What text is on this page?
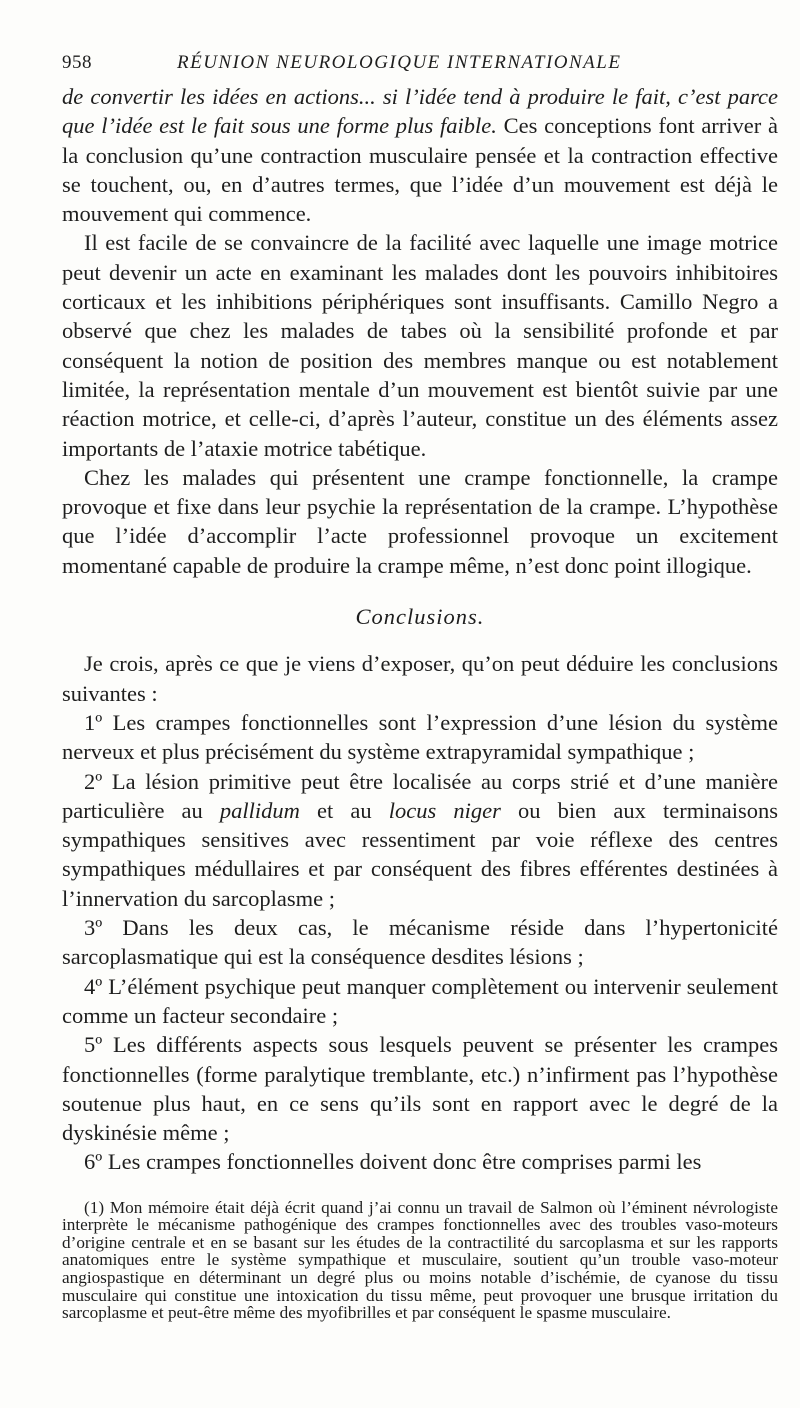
958	RÉUNION NEUROLOGIQUE INTERNATIONALE

de convertir les idées en actions... si l’idée tend à produire le fait, c’est parce que l’idée est le fait sous une forme plus faible. Ces conceptions font arriver à la conclusion qu’une contraction musculaire pensée et la contraction effective se touchent, ou, en d’autres termes, que l’idée d’un mouvement est déjà le mouvement qui commence.

Il est facile de se convaincre de la facilité avec laquelle une image motrice peut devenir un acte en examinant les malades dont les pouvoirs inhibitoires corticaux et les inhibitions périphériques sont insuffisants. Camillo Negro a observé que chez les malades de tabes où la sensibilité profonde et par conséquent la notion de position des membres manque ou est notablement limitée, la représentation mentale d’un mouvement est bientôt suivie par une réaction motrice, et celle-ci, d’après l’auteur, constitue un des éléments assez importants de l’ataxie motrice tabétique.

Chez les malades qui présentent une crampe fonctionnelle, la crampe provoque et fixe dans leur psychie la représentation de la crampe. L’hypothèse que l’idée d’accomplir l’acte professionnel provoque un excitement momentané capable de produire la crampe même, n’est donc point illogique.

Conclusions.

Je crois, après ce que je viens d’exposer, qu’on peut déduire les conclusions suivantes :

1º Les crampes fonctionnelles sont l’expression d’une lésion du système nerveux et plus précisément du système extrapyramidal sympathique ;

2º La lésion primitive peut être localisée au corps strié et d’une manière particulière au pallidum et au locus niger ou bien aux terminaisons sympathiques sensitives avec ressentiment par voie réflexe des centres sympathiques médullaires et par conséquent des fibres efférentes destinées à l’innervation du sarcoplasme ;

3º Dans les deux cas, le mécanisme réside dans l’hypertonicité sarcoplasmatique qui est la conséquence desdites lésions ;

4º L’élément psychique peut manquer complètement ou intervenir seulement comme un facteur secondaire ;

5º Les différents aspects sous lesquels peuvent se présenter les crampes fonctionnelles (forme paralytique tremblante, etc.) n’infirment pas l’hypothèse soutenue plus haut, en ce sens qu’ils sont en rapport avec le degré de la dyskinésie même ;

6º Les crampes fonctionnelles doivent donc être comprises parmi les

(1) Mon mémoire était déjà écrit quand j’ai connu un travail de Salmon où l’éminent névrologiste interprète le mécanisme pathogénique des crampes fonctionnelles avec des troubles vaso-moteurs d’origine centrale et en se basant sur les études de la contractilité du sarcoplasma et sur les rapports anatomiques entre le système sympathique et musculaire, soutient qu’un trouble vaso-moteur angiospastique en déterminant un degré plus ou moins notable d’ischémie, de cyanose du tissu musculaire qui constitue une intoxication du tissu même, peut provoquer une brusque irritation du sarcoplasme et peut-être même des myofibrilles et par conséquent le spasme musculaire.
